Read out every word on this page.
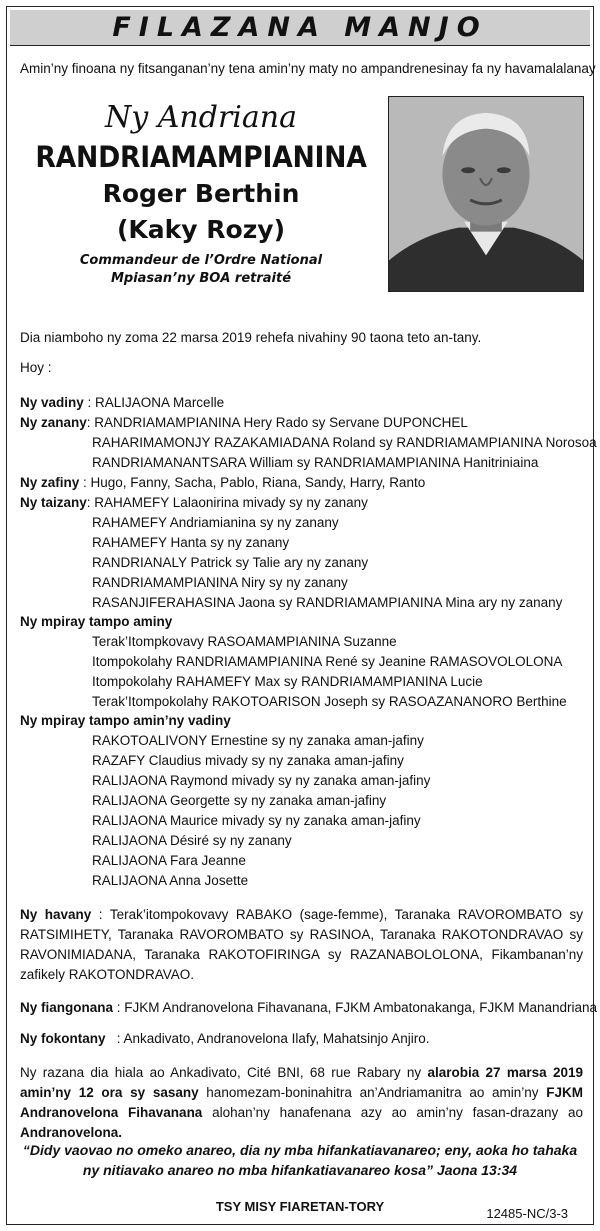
FILAZANA MANJO
Amin’ny finoana ny fitsanganan’ny tena amin’ny maty no ampandrenesinay fa ny havamalalanay
Ny Andriana
RANDRIAMAMPIANINA
Roger Berthin
(Kaky Rozy)
Commandeur de l’Ordre National
Mpiasan’ny BOA retraité
Dia niamboho ny zoma 22 marsa 2019 rehefa nivahiny 90 taona teto an-tany.
Hoy :
Ny vadiny : RALIJAONA Marcelle
Ny zanany: RANDRIAMAMPIANINA Hery Rado sy Servane DUPONCHEL
RAHARIMAMONJY RAZAKAMIADANA Roland sy RANDRIAMAMPIANINA Norosoa
RANDRIAMANANTSARA William sy RANDRIAMAMPIANINA Hanitriniaina
Ny zafiny : Hugo, Fanny, Sacha, Pablo, Riana, Sandy, Harry, Ranto
Ny taizany: RAHAMEFY Lalaonirina mivady sy ny zanany
RAHAMEFY Andriamianina sy ny zanany
RAHAMEFY Hanta sy ny zanany
RANDRIANALY Patrick sy Talie ary ny zanany
RANDRIAMAMPIANINA Niry sy ny zanany
RASANJIFERAHASINA Jaona sy RANDRIAMAMPIANINA Mina ary ny zanany
Ny mpiray tampo aminy
Terak’Itompkovavy RASOAMAMPIANINA Suzanne
Itompokolahy RANDRIAMAMPIANINA René sy Jeanine RAMASOVOLOLONA
Itompokolahy RAHAMEFY Max sy RANDRIAMAMPIANINA Lucie
Terak’Itompokolahy RAKOTOARISON Joseph sy RASOAZANANORO Berthine
Ny mpiray tampo amin’ny vadiny
RAKOTOALIVONY Ernestine sy ny zanaka aman-jafiny
RAZAFY Claudius mivady sy ny zanaka aman-jafiny
RALIJAONA Raymond mivady sy ny zanaka aman-jafiny
RALIJAONA Georgette sy ny zanaka aman-jafiny
RALIJAONA Maurice mivady sy ny zanaka aman-jafiny
RALIJAONA Désiré sy ny zanany
RALIJAONA Fara Jeanne
RALIJAONA Anna Josette
Ny havany : Terak’itompokovavy RABAKO (sage-femme), Taranaka RAVOROMBATO sy RATSIMIHETY, Taranaka RAVOROMBATO sy RASINOA, Taranaka RAKOTONDRAVAO sy RAVONIMIADANA, Taranaka RAKOTOFIRINGA sy RAZANABOLOLONA, Fikambanan’ny zafikely RAKOTONDRAVAO.
Ny fiangonana : FJKM Andranovelona Fihavanana, FJKM Ambatonakanga, FJKM Manandriana
Ny fokontany   : Ankadivato, Andranovelona Ilafy, Mahatsinjo Anjiro.
Ny razana dia hiala ao Ankadivato, Cité BNI, 68 rue Rabary ny alarobia 27 marsa 2019 amin’ny 12 ora sy sasany hanomezam-boninahitra an’Andriamanitra ao amin’ny FJKM Andranovelona Fihavanana alohan’ny hanafenana azy ao amin’ny fasan-drazany ao Andranovelona.
“Didy vaovao no omeko anareo, dia ny mba hifankatiavanareo; eny, aoka ho tahaka
ny nitiavako anareo no mba hifankatiavanareo kosa” Jaona 13:34
TSY MISY FIARETAN-TORY	12485-NC/3-3
